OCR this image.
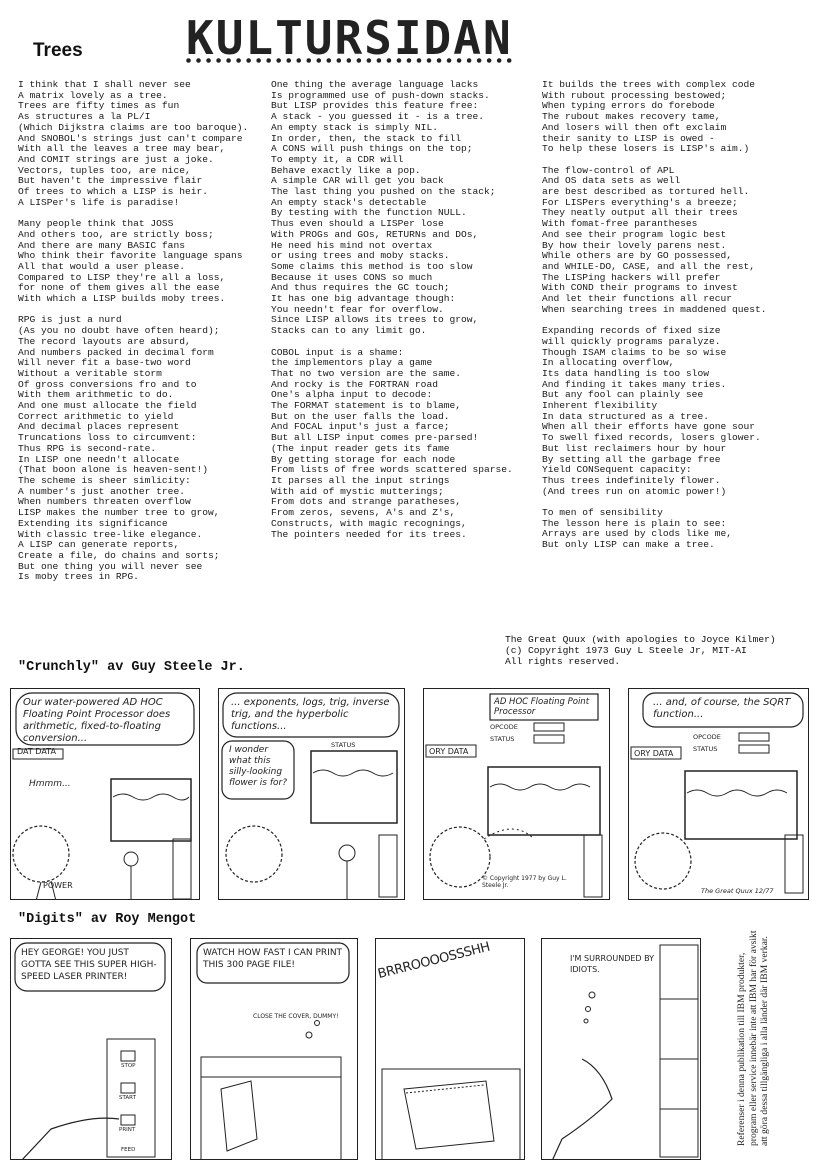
KULTURSIDAN
Trees
I think that I shall never see
A matrix lovely as a tree.
Trees are fifty times as fun
As structures a la PL/I
(Which Dijkstra claims are too baroque).
And SNOBOL's strings just can't compare
With all the leaves a tree may bear,
And COMIT strings are just a joke.
Vectors, tuples too, are nice,
But haven't the impressive flair
Of trees to which a LISP is heir.
A LISPer's life is paradise!
Many people think that JOSS
And others too, are strictly boss;
And there are many BASIC fans
Who think their favorite language spans
All that would a user please.
Compared to LISP they're all a loss,
for none of them gives all the ease
With which a LISP builds moby trees.
RPG is just a nurd
(As you no doubt have often heard);
The record layouts are absurd,
And numbers packed in decimal form
Will never fit a base-two word
Without a veritable storm
Of gross conversions fro and to
With them arithmetic to do.
And one must allocate the field
Correct arithmetic to yield
And decimal places represent
Truncations loss to circumvent:
Thus RPG is second-rate.
In LISP one needn't allocate
(That boon alone is heaven-sent!)
The scheme is sheer simlicity:
A number's just another tree.
When numbers threaten overflow
LISP makes the number tree to grow,
Extending its significance
With classic tree-like elegance.
A LISP can generate reports,
Create a file, do chains and sorts;
But one thing you will never see
Is moby trees in RPG.
One thing the average language lacks
Is programmed use of push-down stacks.
But LISP provides this feature free:
A stack - you guessed it - is a tree.
An empty stack is simply NIL.
In order, then, the stack to fill
A CONS will push things on the top;
To empty it, a CDR will
Behave exactly like a pop.
A simple CAR will get you back
The last thing you pushed on the stack;
An empty stack's detectable
By testing with the function NULL.
Thus even should a LISPer lose
With PROGs and GOs, RETURNs and DOs,
He need his mind not overtax
or using trees and moby stacks.
Some claims this method is too slow
Because it uses CONS so much
And thus requires the GC touch;
It has one big advantage though:
You needn't fear for overflow.
Since LISP allows its trees to grow,
Stacks can to any limit go.
COBOL input is a shame:
the implementors play a game
That no two version are the same.
And rocky is the FORTRAN road
One's alpha input to decode:
The FORMAT statement is to blame,
But on the user falls the load.
And FOCAL input's just a farce;
But all LISP input comes pre-parsed!
(The input reader gets its fame
By getting storage for each node
From lists of free words scattered sparse.
It parses all the input strings
With aid of mystic mutterings;
From dots and strange paratheses,
From zeros, sevens, A's and Z's,
Constructs, with magic recognings,
The pointers needed for its trees.
It builds the trees with complex code
With rubout processing bestowed;
When typing errors do forebode
The rubout makes recovery tame,
And losers will then oft exclaim
their sanity to LISP is owed -
To help these losers is LISP's aim.)
The flow-control of APL
And OS data sets as well
are best described as tortured hell.
For LISPers everything's a breeze;
They neatly output all their trees
With fomat-free parantheses
And see their program logic best
By how their lovely parens nest.
While others are by GO possessed,
and WHILE-DO, CASE, and all the rest,
The LISPing hackers will prefer
With COND their programs to invest
And let their functions all recur
When searching trees in maddened quest.
Expanding records of fixed size
will quickly programs paralyze.
Though ISAM claims to be so wise
In allocating overflow,
Its data handling is too slow
And finding it takes many tries.
But any fool can plainly see
Inherent flexibility
In data structured as a tree.
When all their efforts have gone sour
To swell fixed records, losers glower.
But list reclaimers hour by hour
By setting all the garbage free
Yield CONSequent capacity:
Thus trees indefinitely flower.
(And trees run on atomic power!)
To men of sensibility
The lesson here is plain to see:
Arrays are used by clods like me,
But only LISP can make a tree.
The Great Quux (with apologies to Joyce Kilmer)
(c) Copyright 1973 Guy L Steele Jr, MIT-AI
All rights reserved.
"Crunchly" av Guy Steele Jr.
Our water-powered AD HOC Floating Point Processor does arithmetic, fixed-to-floating conversion...
DAT DATA
Hmmm...
POWER
... exponents, logs, trig, inverse trig, and the hyperbolic functions...
I wonder what this silly-looking flower is for?
STATUS
AD HOC Floating Point Processor
OPCODE
STATUS
ORY DATA
© Copyright 1977 by Guy L. Steele Jr.
... and, of course, the SQRT function...
OPCODE
STATUS
ORY DATA
The Great Quux 12/77
"Digits" av Roy Mengot
HEY GEORGE! YOU JUST GOTTA SEE THIS SUPER HIGH-SPEED LASER PRINTER!
STOP
START
PRINT
FEED
WATCH HOW FAST I CAN PRINT THIS 300 PAGE FILE!
CLOSE THE COVER, DUMMY!
BRRROOOOSSSHH	I'M SURROUNDED BY IDIOTS.	Referenser i denna publikation till IBM produkter, program eller service innebär inte att IBM har för avsikt att göra dessa tillgängliga i alla länder där IBM verkar.
